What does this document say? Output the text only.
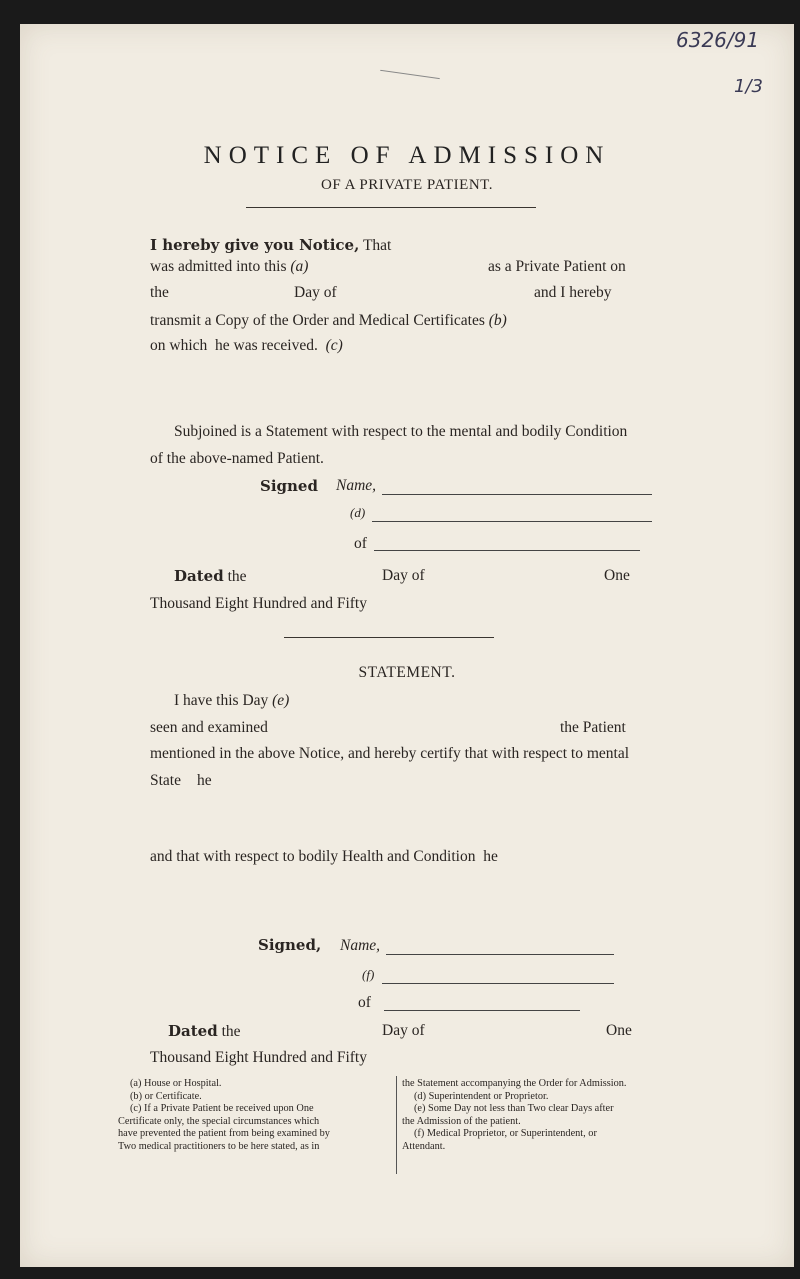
6326/91
1/3
NOTICE OF ADMISSION
OF A PRIVATE PATIENT.
I hereby give you Notice, That
was admitted into this (a)	as a Private Patient on
the	Day of	and I hereby
transmit a Copy of the Order and Medical Certificates (b)
on which he was received. (c)
Subjoined is a Statement with respect to the mental and bodily Condition
of the above-named Patient.
Signed Name,
(d)
of
Dated the	Day of	One
Thousand Eight Hundred and Fifty
STATEMENT.
I have this Day (e)
seen and examined	the Patient
mentioned in the above Notice, and hereby certify that with respect to mental
State he
and that with respect to bodily Health and Condition he
Signed, Name,
(f)
of
Dated the	Day of	One
Thousand Eight Hundred and Fifty
(a) House or Hospital.
(b) or Certificate.
(c) If a Private Patient be received upon One
Certificate only, the special circumstances which
have prevented the patient from being examined by
Two medical practitioners to be here stated, as in
the Statement accompanying the Order for Admission.
(d) Superintendent or Proprietor.
(e) Some Day not less than Two clear Days after
the Admission of the patient.
(f) Medical Proprietor, or Superintendent, or
Attendant.
